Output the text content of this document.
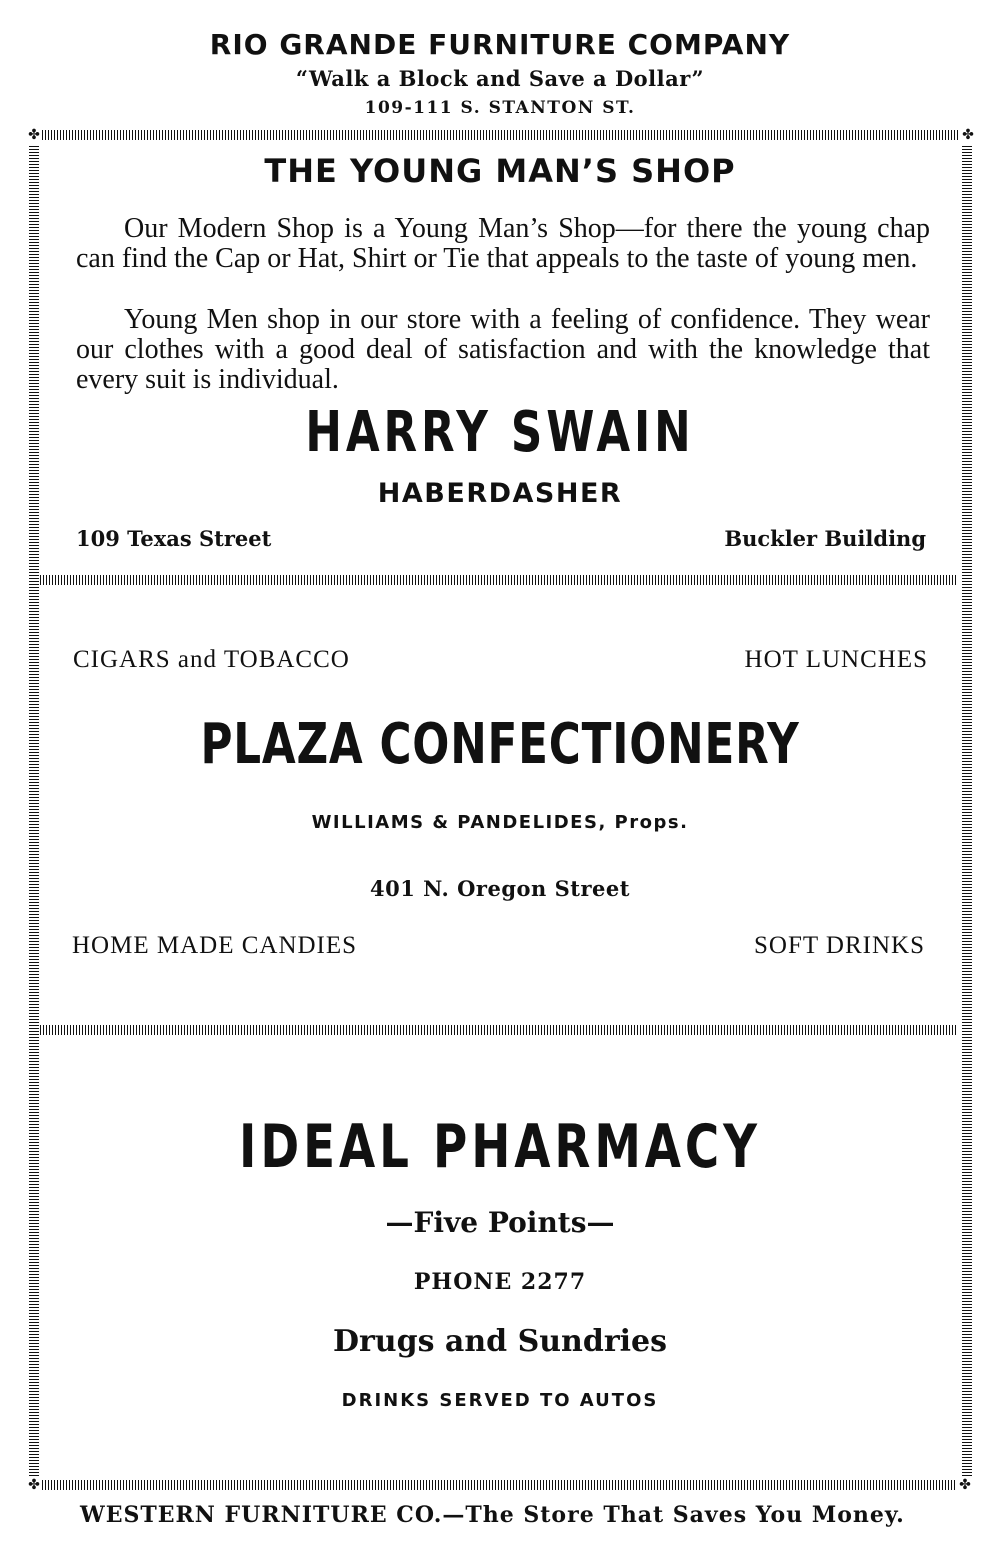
RIO GRANDE FURNITURE COMPANY
“Walk a Block and Save a Dollar”
109-111 S. STANTON ST.
✤	✤
✤	✤
THE YOUNG MAN’S SHOP

Our Modern Shop is a Young Man’s Shop—for there the young chap can find the Cap or Hat, Shirt or Tie that appeals to the taste of young men.

Young Men shop in our store with a feeling of confidence. They wear our clothes with a good deal of satisfaction and with the knowledge that every suit is individual.

HARRY SWAIN
HABERDASHER
109 Texas Street	Buckler Building
CIGARS and TOBACCO	HOT LUNCHES
PLAZA CONFECTIONERY
WILLIAMS & PANDELIDES, Props.
401 N. Oregon Street
HOME MADE CANDIES	SOFT DRINKS
IDEAL PHARMACY
—Five Points—
PHONE 2277
Drugs and Sundries
DRINKS SERVED TO AUTOS
WESTERN FURNITURE CO.—The Store That Saves You Money.
